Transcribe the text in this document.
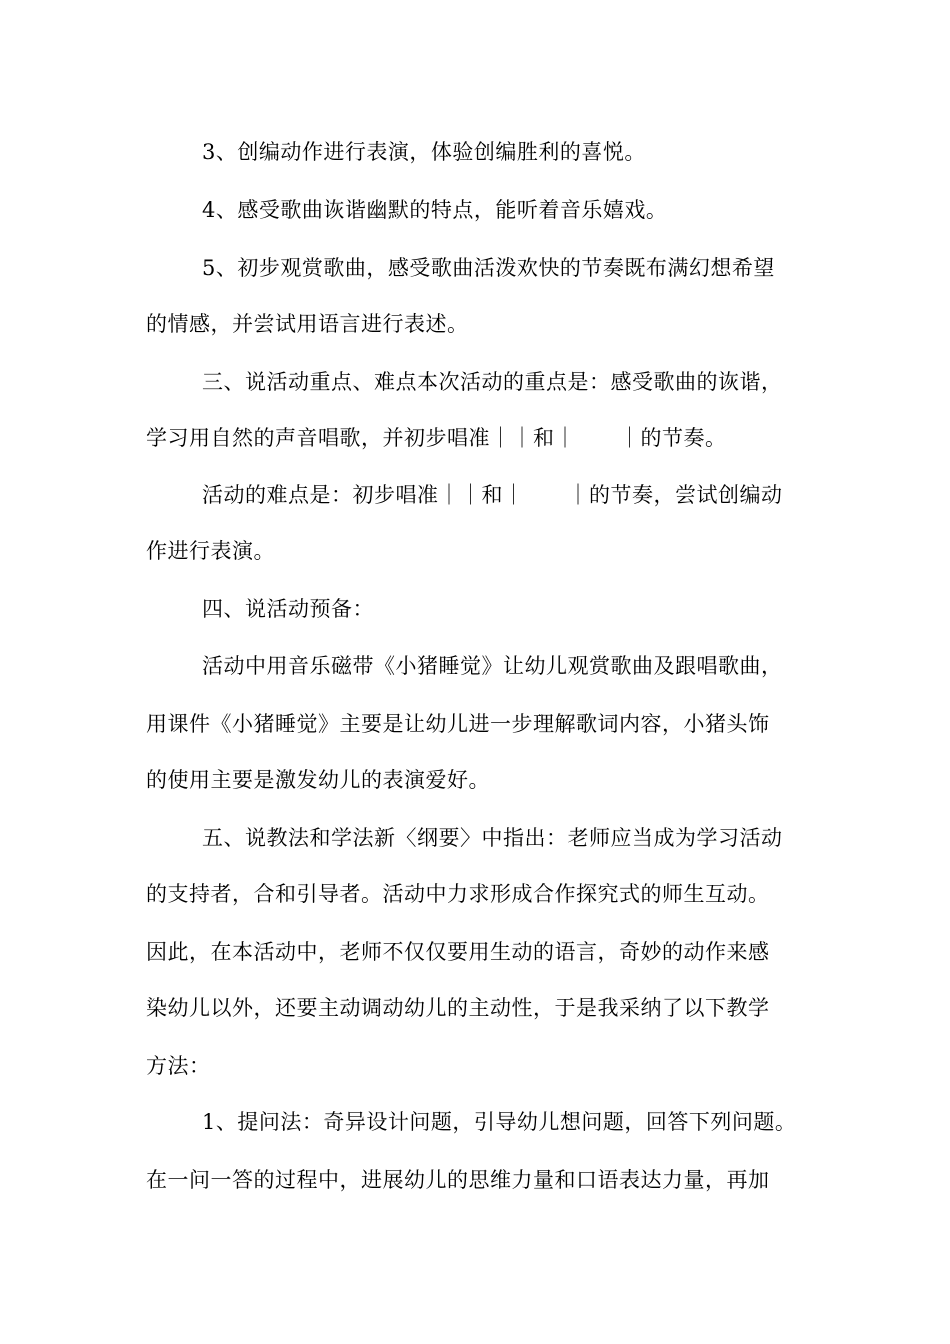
3、创编动作进行表演，体验创编胜利的喜悦。
4、感受歌曲诙谐幽默的特点，能听着音乐嬉戏。
5、初步观赏歌曲，感受歌曲活泼欢快的节奏既布满幻想希望
的情感，并尝试用语言进行表述。
三、说活动重点、难点本次活动的重点是：感受歌曲的诙谐，
学习用自然的声音唱歌，并初步唱准｜｜和｜　　｜的节奏。
活动的难点是：初步唱准｜｜和｜　　｜的节奏，尝试创编动
作进行表演。
四、说活动预备：
活动中用音乐磁带《小猪睡觉》让幼儿观赏歌曲及跟唱歌曲，
用课件《小猪睡觉》主要是让幼儿进一步理解歌词内容，小猪头饰
的使用主要是激发幼儿的表演爱好。
五、说教法和学法新〈纲要〉中指出：老师应当成为学习活动
的支持者，合和引导者。活动中力求形成合作探究式的师生互动。
因此，在本活动中，老师不仅仅要用生动的语言，奇妙的动作来感
染幼儿以外，还要主动调动幼儿的主动性，于是我采纳了以下教学
方法：
1、提问法：奇异设计问题，引导幼儿想问题，回答下列问题。
在一问一答的过程中，进展幼儿的思维力量和口语表达力量，再加
